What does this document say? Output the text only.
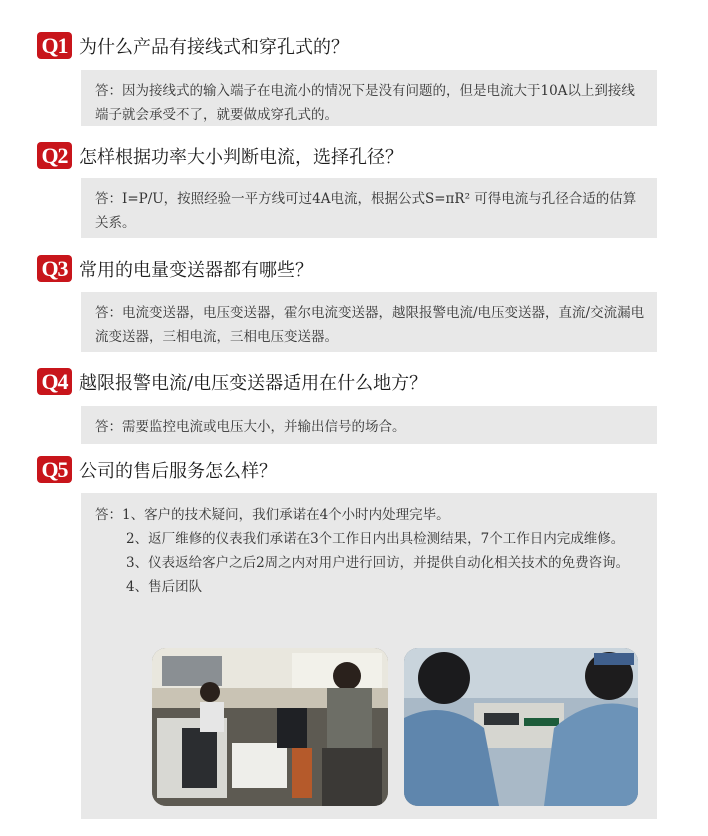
Q1 为什么产品有接线式和穿孔式的？
答：因为接线式的输入端子在电流小的情况下是没有问题的，但是电流大于10A以上到接线端子就会承受不了，就要做成穿孔式的。
Q2 怎样根据功率大小判断电流，选择孔径？
答：I=P/U，按照经验一平方线可过4A电流，根据公式S=πR² 可得电流与孔径合适的估算关系。
Q3 常用的电量变送器都有哪些？
答：电流变送器，电压变送器，霍尔电流变送器，越限报警电流/电压变送器，直流/交流漏电流变送器，三相电流，三相电压变送器。
Q4 越限报警电流/电压变送器适用在什么地方？
答：需要监控电流或电压大小，并输出信号的场合。
Q5 公司的售后服务怎么样？
答： 1、 客户的技术疑问，我们承诺在4个小时内处理完毕。
2、 返厂维修的仪表我们承诺在3个工作日内出具检测结果，7个工作日内完成维修。
3、 仪表返给客户之后2周之内对用户进行回访，并提供自动化相关技术的免费咨询。
4、 售后团队
